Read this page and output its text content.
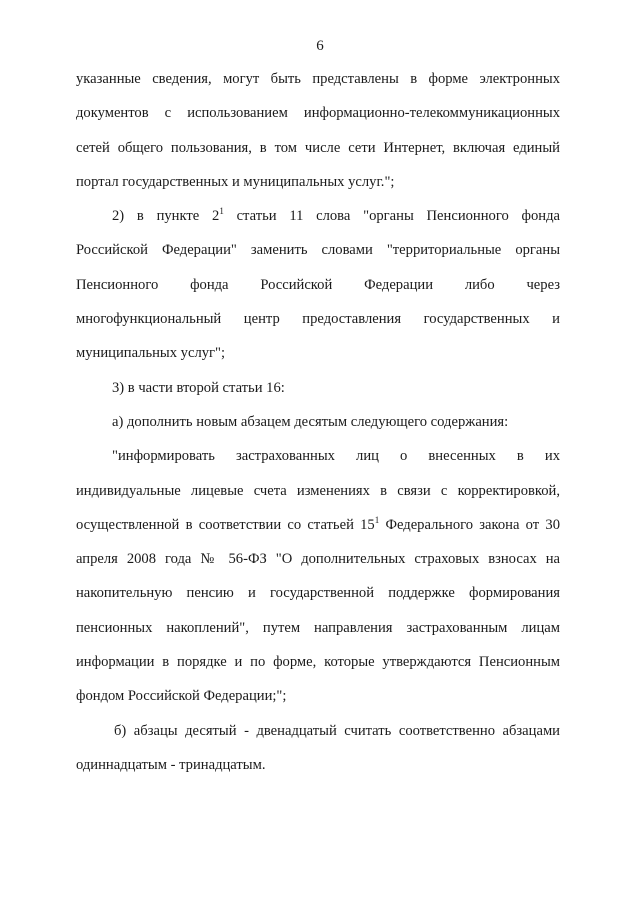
6
указанные сведения, могут быть представлены в форме электронных
документов с использованием информационно-телекоммуникационных
сетей общего пользования, в том числе сети Интернет, включая единый
портал государственных и муниципальных услуг.";
2) в пункте $2^1$ статьи 11 слова "органы Пенсионного фонда
Российской Федерации" заменить словами "территориальные органы
Пенсионного фонда Российской Федерации либо через
многофункциональный центр предоставления государственных и
муниципальных услуг";
3) в части второй статьи 16:
а) дополнить новым абзацем десятым следующего содержания:
"информировать застрахованных лиц о внесенных в их
индивидуальные лицевые счета изменениях в связи с корректировкой,
осуществленной в соответствии со статьей $15^1$ Федерального закона от 30
апреля 2008 года № 56-ФЗ "О дополнительных страховых взносах на
накопительную пенсию и государственной поддержке формирования
пенсионных накоплений", путем направления застрахованным лицам
информации в порядке и по форме, которые утверждаются Пенсионным
фондом Российской Федерации;";
б) абзацы десятый - двенадцатый считать соответственно абзацами
одиннадцатым - тринадцатым.
